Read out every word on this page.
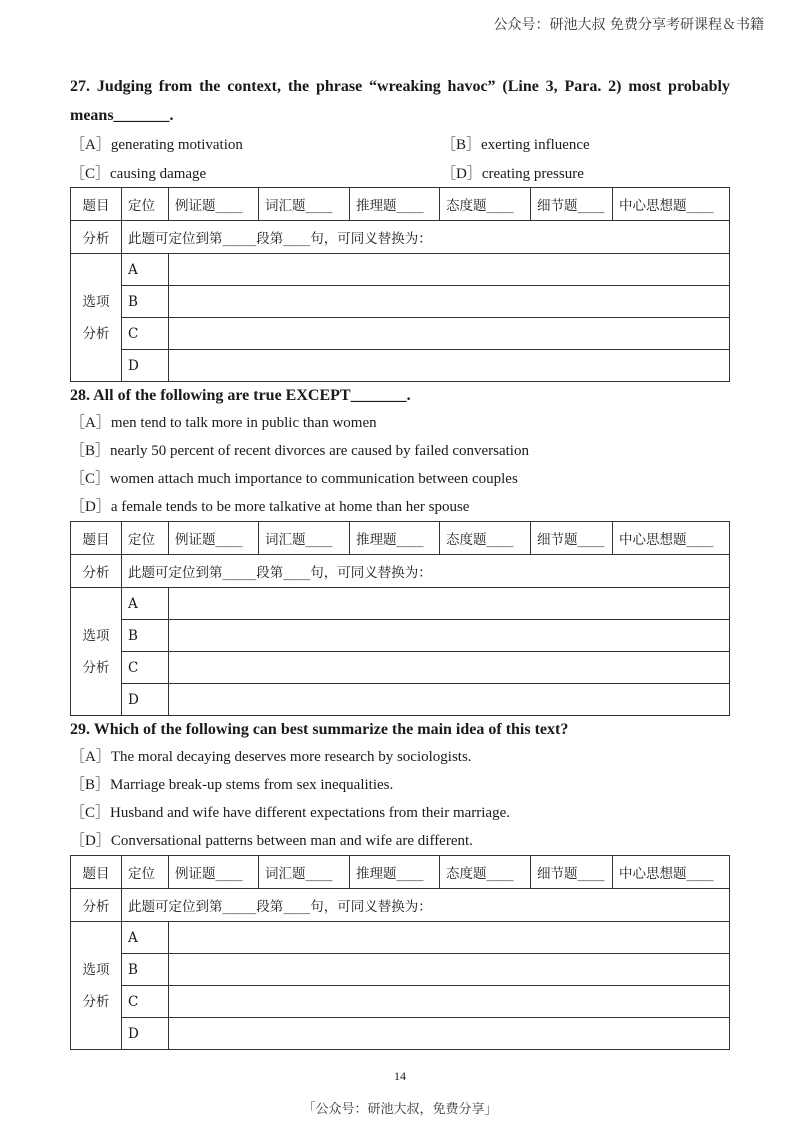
公众号：研池大叔 免费分享考研课程＆书籍
27. Judging from the context, the phrase “wreaking havoc” (Line 3, Para. 2) most probably
means_______.
［A］generating motivation	［B］exerting influence
［C］causing damage	［D］creating pressure
题目	定位	例证题____	词汇题____	推理题____	态度题____	细节题____	中心思想题____
分析	此题可定位到第_____段第____句，可同义替换为：						

选项
分析	A						
	B						
	C						
	D						
28. All of the following are true EXCEPT_______.
［A］men tend to talk more in public than women
［B］nearly 50 percent of recent divorces are caused by failed conversation
［C］women attach much importance to communication between couples
［D］a female tends to be more talkative at home than her spouse
题目	定位	例证题____	词汇题____	推理题____	态度题____	细节题____	中心思想题____
分析	此题可定位到第_____段第____句，可同义替换为：						

选项
分析	A						
	B						
	C						
	D						
29. Which of the following can best summarize the main idea of this text?
［A］The moral decaying deserves more research by sociologists.
［B］Marriage break-up stems from sex inequalities.
［C］Husband and wife have different expectations from their marriage.
［D］Conversational patterns between man and wife are different.
题目	定位	例证题____	词汇题____	推理题____	态度题____	细节题____	中心思想题____
分析	此题可定位到第_____段第____句，可同义替换为：						

选项
分析	A						
	B						
	C						
	D						
14
「公众号：研池大叔，免费分享」
